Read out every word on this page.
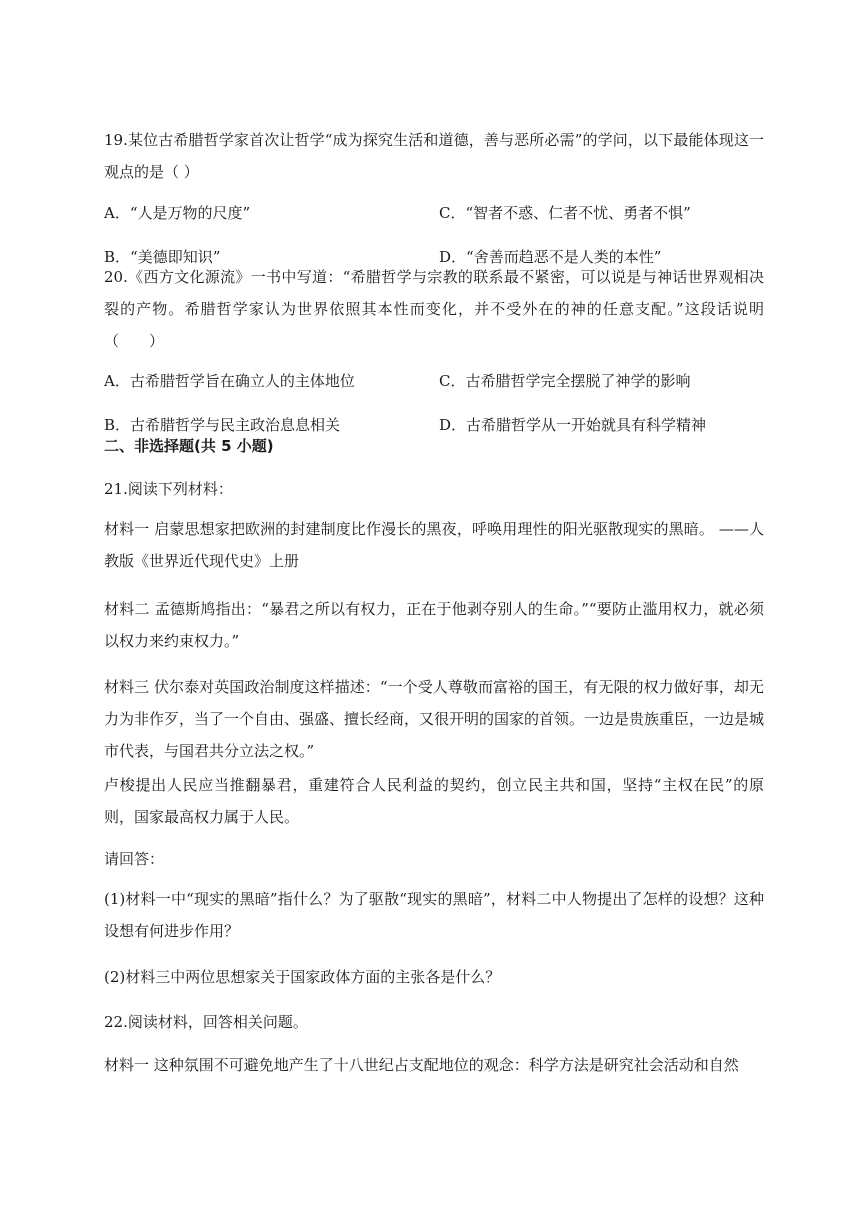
19.某位古希腊哲学家首次让哲学“成为探究生活和道德，善与恶所必需”的学问，以下最能体现这一观点的是（ ）
A．“人是万物的尺度”	C．“智者不惑、仁者不忧、勇者不惧”
B．“美德即知识”	D．“舍善而趋恶不是人类的本性”
20.《西方文化源流》一书中写道：“希腊哲学与宗教的联系最不紧密，可以说是与神话世界观相决裂的产物。希腊哲学家认为世界依照其本性而变化，并不受外在的神的任意支配。”这段话说明（　　）
A．古希腊哲学旨在确立人的主体地位	C．古希腊哲学完全摆脱了神学的影响
B．古希腊哲学与民主政治息息相关	D．古希腊哲学从一开始就具有科学精神
二、非选择题(共 5 小题)
21.阅读下列材料：
材料一 启蒙思想家把欧洲的封建制度比作漫长的黑夜，呼唤用理性的阳光驱散现实的黑暗。 ——人教版《世界近代现代史》上册
材料二 孟德斯鸠指出：“暴君之所以有权力，正在于他剥夺别人的生命。”“要防止滥用权力，就必须以权力来约束权力。”
材料三 伏尔泰对英国政治制度这样描述：“一个受人尊敬而富裕的国王，有无限的权力做好事，却无力为非作歹，当了一个自由、强盛、擅长经商，又很开明的国家的首领。一边是贵族重臣，一边是城市代表，与国君共分立法之权。”
卢梭提出人民应当推翻暴君，重建符合人民利益的契约，创立民主共和国，坚持“主权在民”的原则，国家最高权力属于人民。
请回答：
(1)材料一中“现实的黑暗”指什么？为了驱散“现实的黑暗”，材料二中人物提出了怎样的设想？这种设想有何进步作用？
(2)材料三中两位思想家关于国家政体方面的主张各是什么？
22.阅读材料，回答相关问题。
材料一 这种氛围不可避免地产生了十八世纪占支配地位的观念：科学方法是研究社会活动和自然
